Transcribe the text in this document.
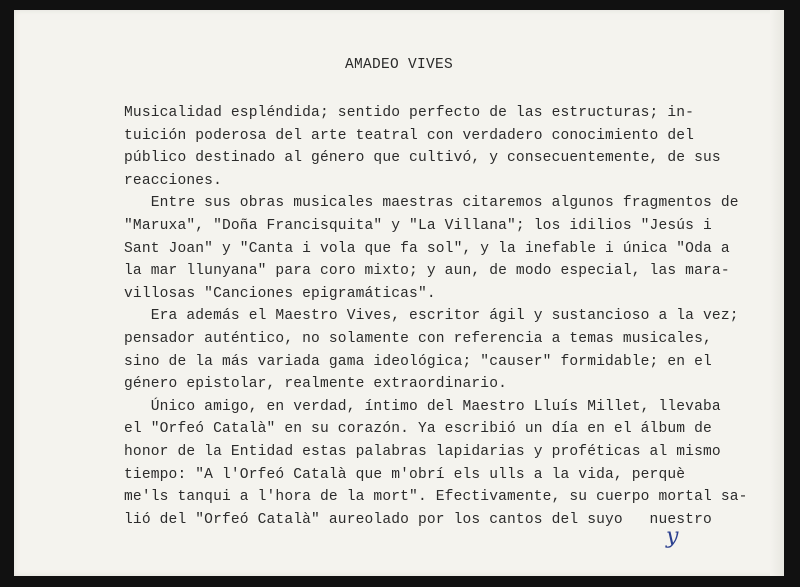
AMADEO VIVES
Musicalidad espléndida; sentido perfecto de las estructuras; in-
tuición poderosa del arte teatral con verdadero conocimiento del
público destinado al género que cultivó, y consecuentemente, de sus
reacciones.
Entre sus obras musicales maestras citaremos algunos fragmentos de
"Maruxa", "Doña Francisquita" y "La Villana"; los idilios "Jesús i
Sant Joan" y "Canta i vola que fa sol", y la inefable i única "Oda a
la mar llunyana" para coro mixto; y aun, de modo especial, las mara-
villosas "Canciones epigramáticas".
Era además el Maestro Vives, escritor ágil y sustancioso a la vez;
pensador auténtico, no solamente con referencia a temas musicales,
sino de la más variada gama ideológica; "causer" formidable; en el
género epistolar, realmente extraordinario.
Único amigo, en verdad, íntimo del Maestro Lluís Millet, llevaba
el "Orfeó Català" en su corazón. Ya escribió un día en el álbum de
honor de la Entidad estas palabras lapidarias y proféticas al mismo
tiempo: "A l'Orfeó Català que m'obrí els ulls a la vida, perquè
me'ls tanqui a l'hora de la mort". Efectivamente, su cuerpo mortal sa-
lió del "Orfeó Català" aureolado por los cantos del suyo   nuestro
y
